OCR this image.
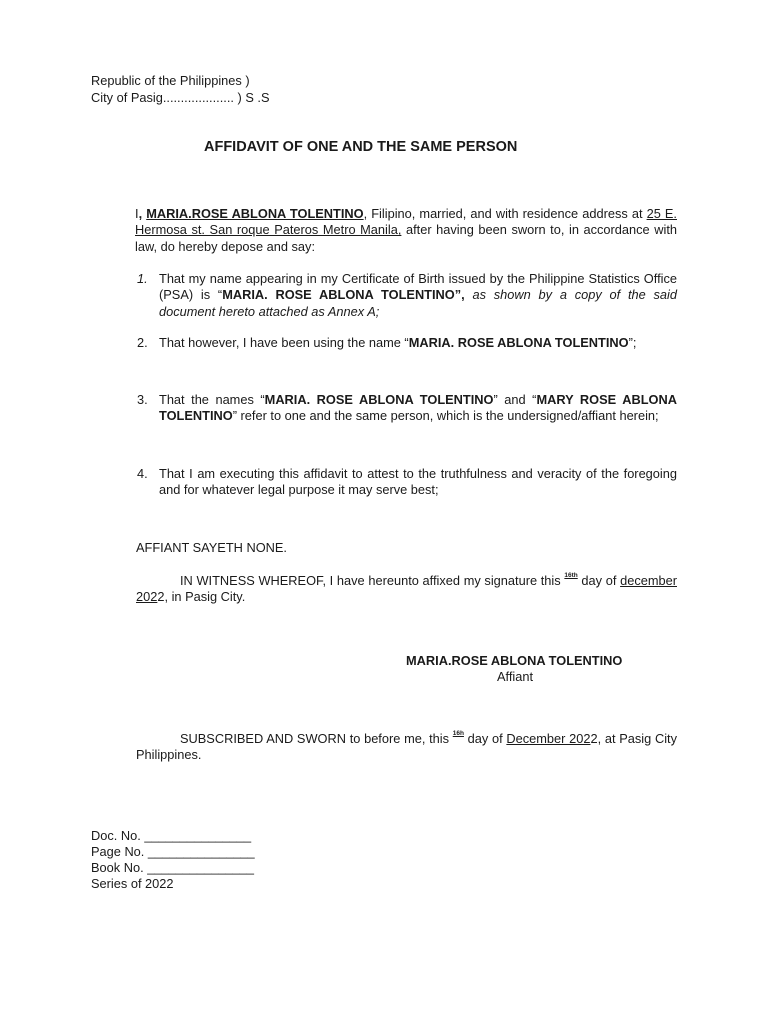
Republic of the Philippines )
City of Pasig.................... ) S .S
AFFIDAVIT OF ONE AND THE SAME PERSON
I, MARIA.ROSE ABLONA TOLENTINO, Filipino, married, and with residence address at 25 E. Hermosa st. San roque Pateros Metro Manila, after having been sworn to, in accordance with law, do hereby depose and say:
1. That my name appearing in my Certificate of Birth issued by the Philippine Statistics Office (PSA) is “MARIA. ROSE ABLONA TOLENTINO”, as shown by a copy of the said document hereto attached as Annex A;
2. That however, I have been using the name “MARIA. ROSE ABLONA TOLENTINO”;
3. That the names “MARIA. ROSE ABLONA TOLENTINO” and “MARY ROSE ABLONA TOLENTINO” refer to one and the same person, which is the undersigned/affiant herein;
4. That I am executing this affidavit to attest to the truthfulness and veracity of the foregoing and for whatever legal purpose it may serve best;
AFFIANT SAYETH NONE.
IN WITNESS WHEREOF, I have hereunto affixed my signature this $^{16th}$ day of december 2022, in Pasig City.
MARIA.ROSE ABLONA TOLENTINO
Affiant
SUBSCRIBED AND SWORN to before me, this $^{16h}$ day of December 2022, at Pasig City Philippines.
Doc. No. _______________
Page No. _______________
Book No. _______________
Series of 2022
